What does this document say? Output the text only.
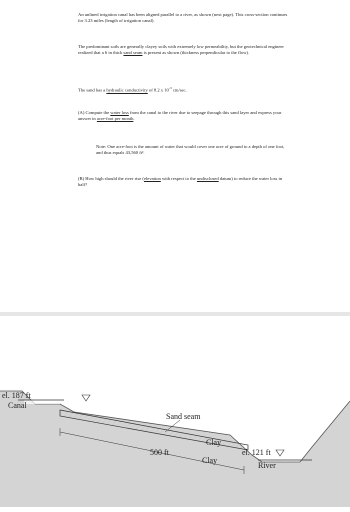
An unlined irrigation canal has been aligned parallel to a river, as shown (next page). This cross-section continues for 3.23 miles (length of irrigation canal).

The predominant soils are generally clayey soils with extremely low permeability, but the geotechnical engineer realized that a 6 in thick sand seam is present as shown (thickness perpendicular to the flow).

The sand has a hydraulic conductivity of 8.2 x $10^{-3}$ cm/sec.

(A) Compute the water loss from the canal to the river due to seepage through this sand layer and express your answer in acre-foot per month.

Note: One acre-foot is the amount of water that would cover one acre of ground to a depth of one foot, and thus equals 43,560 ft³.

(B) How high should the river rise (elevation with respect to the undisclosed datum) to reduce the water loss in half?

el. 187 ft
Canal
Sand seam
Clay
Clay
500 ft	el. 121 ft
River
